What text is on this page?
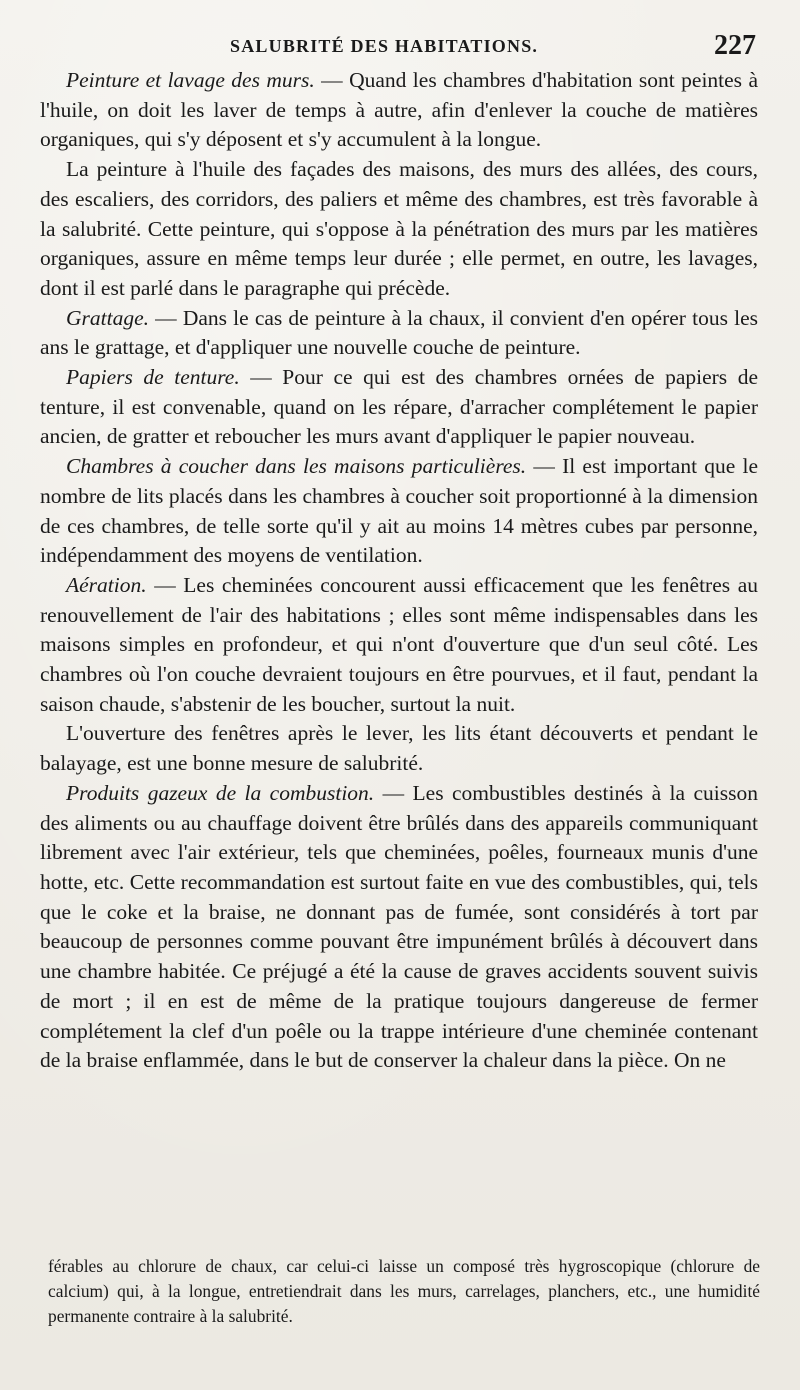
SALUBRITÉ DES HABITATIONS.	227

Peinture et lavage des murs. — Quand les chambres d'habitation sont peintes à l'huile, on doit les laver de temps à autre, afin d'enlever la couche de matières organiques, qui s'y déposent et s'y accumulent à la longue.

La peinture à l'huile des façades des maisons, des murs des allées, des cours, des escaliers, des corridors, des paliers et même des chambres, est très favorable à la salubrité. Cette peinture, qui s'oppose à la pénétration des murs par les matières organiques, assure en même temps leur durée ; elle permet, en outre, les lavages, dont il est parlé dans le paragraphe qui précède.

Grattage. — Dans le cas de peinture à la chaux, il convient d'en opérer tous les ans le grattage, et d'appliquer une nouvelle couche de peinture.

Papiers de tenture. — Pour ce qui est des chambres ornées de papiers de tenture, il est convenable, quand on les répare, d'arracher complétement le papier ancien, de gratter et reboucher les murs avant d'appliquer le papier nouveau.

Chambres à coucher dans les maisons particulières. — Il est important que le nombre de lits placés dans les chambres à coucher soit proportionné à la dimension de ces chambres, de telle sorte qu'il y ait au moins 14 mètres cubes par personne, indépendamment des moyens de ventilation.

Aération. — Les cheminées concourent aussi efficacement que les fenêtres au renouvellement de l'air des habitations ; elles sont même indispensables dans les maisons simples en profondeur, et qui n'ont d'ouverture que d'un seul côté. Les chambres où l'on couche devraient toujours en être pourvues, et il faut, pendant la saison chaude, s'abstenir de les boucher, surtout la nuit.

L'ouverture des fenêtres après le lever, les lits étant découverts et pendant le balayage, est une bonne mesure de salubrité.

Produits gazeux de la combustion. — Les combustibles destinés à la cuisson des aliments ou au chauffage doivent être brûlés dans des appareils communiquant librement avec l'air extérieur, tels que cheminées, poêles, fourneaux munis d'une hotte, etc. Cette recommandation est surtout faite en vue des combustibles, qui, tels que le coke et la braise, ne donnant pas de fumée, sont considérés à tort par beaucoup de personnes comme pouvant être impunément brûlés à découvert dans une chambre habitée. Ce préjugé a été la cause de graves accidents souvent suivis de mort ; il en est de même de la pratique toujours dangereuse de fermer complétement la clef d'un poêle ou la trappe intérieure d'une cheminée contenant de la braise enflammée, dans le but de conserver la chaleur dans la pièce. On ne

férables au chlorure de chaux, car celui-ci laisse un composé très hygroscopique (chlorure de calcium) qui, à la longue, entretiendrait dans les murs, carrelages, planchers, etc., une humidité permanente contraire à la salubrité.
